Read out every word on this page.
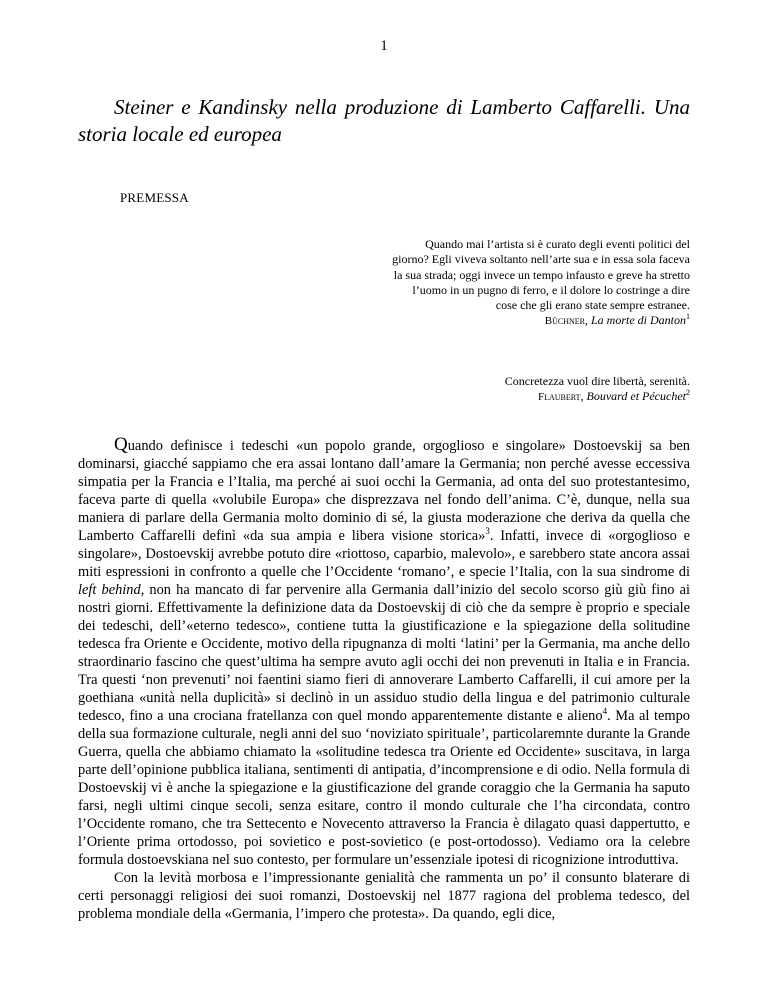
1
Steiner e Kandinsky nella produzione di Lamberto Caffarelli. Una storia locale ed europea
PREMESSA
Quando mai l’artista si è curato degli eventi politici del giorno? Egli viveva soltanto nell’arte sua e in essa sola faceva la sua strada; oggi invece un tempo infausto e greve ha stretto l’uomo in un pugno di ferro, e il dolore lo costringe a dire cose che gli erano state sempre estranee.
Büchner, La morte di Danton$^1$
Concretezza vuol dire libertà, serenità.
Flaubert, Bouvard et Pécuchet$^2$

Quando definisce i tedeschi «un popolo grande, orgoglioso e singolare» Dostoevskij sa ben dominarsi, giacché sappiamo che era assai lontano dall’amare la Germania; non perché avesse eccessiva simpatia per la Francia e l’Italia, ma perché ai suoi occhi la Germania, ad onta del suo protestantesimo, faceva parte di quella «volubile Europa» che disprezzava nel fondo dell’anima. C’è, dunque, nella sua maniera di parlare della Germania molto dominio di sé, la giusta moderazione che deriva da quella che Lamberto Caffarelli definì «da sua ampia e libera visione storica»$^3$. Infatti, invece di «orgoglioso e singolare», Dostoevskij avrebbe potuto dire «riottoso, caparbio, malevolo», e sarebbero state ancora assai miti espressioni in confronto a quelle che l’Occidente ‘romano’, e specie l’Italia, con la sua sindrome di left behind, non ha mancato di far pervenire alla Germania dall’inizio del secolo scorso giù giù fino ai nostri giorni. Effettivamente la definizione data da Dostoevskij di ciò che da sempre è proprio e speciale dei tedeschi, dell’«eterno tedesco», contiene tutta la giustificazione e la spiegazione della solitudine tedesca fra Oriente e Occidente, motivo della ripugnanza di molti ‘latini’ per la Germania, ma anche dello straordinario fascino che quest’ultima ha sempre avuto agli occhi dei non prevenuti in Italia e in Francia. Tra questi ‘non prevenuti’ noi faentini siamo fieri di annoverare Lamberto Caffarelli, il cui amore per la goethiana «unità nella duplicità» si declinò in un assiduo studio della lingua e del patrimonio culturale tedesco, fino a una crociana fratellanza con quel mondo apparentemente distante e alieno$^4$. Ma al tempo della sua formazione culturale, negli anni del suo ‘noviziato spirituale’, particolaremnte durante la Grande Guerra, quella che abbiamo chiamato la «solitudine tedesca tra Oriente ed Occidente» suscitava, in larga parte dell’opinione pubblica italiana, sentimenti di antipatia, d’incomprensione e di odio. Nella formula di Dostoevskij vi è anche la spiegazione e la giustificazione del grande coraggio che la Germania ha saputo farsi, negli ultimi cinque secoli, senza esitare, contro il mondo culturale che l’ha circondata, contro l’Occidente romano, che tra Settecento e Novecento attraverso la Francia è dilagato quasi dappertutto, e l’Oriente prima ortodosso, poi sovietico e post-sovietico (e post-ortodosso). Vediamo ora la celebre formula dostoevskiana nel suo contesto, per formulare un’essenziale ipotesi di ricognizione introduttiva.

Con la levità morbosa e l’impressionante genialità che rammenta un po’ il consunto blaterare di certi personaggi religiosi dei suoi romanzi, Dostoevskij nel 1877 ragiona del problema tedesco, del problema mondiale della «Germania, l’impero che protesta». Da quando, egli dice,
